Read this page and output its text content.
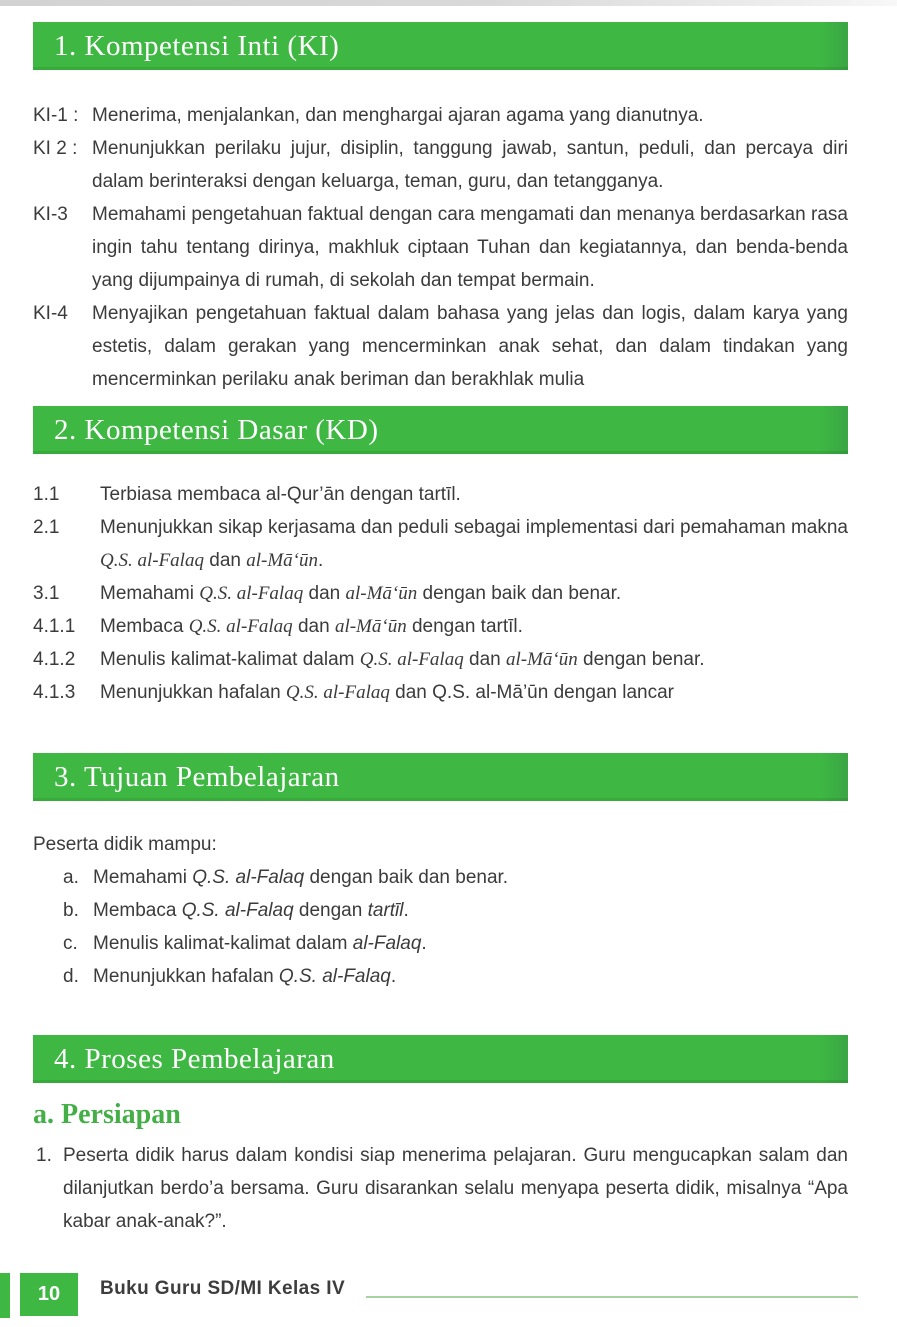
1. Kompetensi Inti (KI)
KI-1 : Menerima, menjalankan, dan menghargai ajaran agama yang dianutnya.
KI 2 : Menunjukkan perilaku jujur, disiplin, tanggung jawab, santun, peduli, dan percaya diri dalam berinteraksi dengan keluarga, teman, guru, dan tetangganya.
KI-3	Memahami pengetahuan faktual dengan cara mengamati dan menanya berdasarkan rasa ingin tahu tentang dirinya, makhluk ciptaan Tuhan dan kegiatannya, dan benda-benda yang dijumpainya di rumah, di sekolah dan tempat bermain.
KI-4	Menyajikan pengetahuan faktual dalam bahasa yang jelas dan logis, dalam karya yang estetis, dalam gerakan yang mencerminkan anak sehat, dan dalam tindakan yang mencerminkan perilaku anak beriman dan berakhlak mulia
2. Kompetensi Dasar (KD)
1.1	Terbiasa membaca al-Qur’ān dengan tartīl.
2.1	Menunjukkan sikap kerjasama dan peduli sebagai implementasi dari pemahaman makna Q.S. al-Falaq dan al-Mā‘ūn.
3.1	Memahami Q.S. al-Falaq dan al-Mā‘ūn dengan baik dan benar.
4.1.1	Membaca Q.S. al-Falaq dan al-Mā‘ūn dengan tartīl.
4.1.2	Menulis kalimat-kalimat dalam Q.S. al-Falaq dan al-Mā‘ūn dengan benar.
4.1.3	Menunjukkan hafalan Q.S. al-Falaq dan Q.S. al-Mā’ūn dengan lancar
3. Tujuan Pembelajaran
Peserta didik mampu:
a. Memahami Q.S. al-Falaq dengan baik dan benar.
b. Membaca Q.S. al-Falaq dengan tartīl.
c. Menulis kalimat-kalimat dalam al-Falaq.
d. Menunjukkan hafalan Q.S. al-Falaq.
4. Proses Pembelajaran
a. Persiapan
1. Peserta didik harus dalam kondisi siap menerima pelajaran. Guru mengucapkan salam dan dilanjutkan berdo’a bersama. Guru disarankan selalu menyapa peserta didik, misalnya “Apa kabar anak-anak?”.
10 Buku Guru SD/MI Kelas IV
